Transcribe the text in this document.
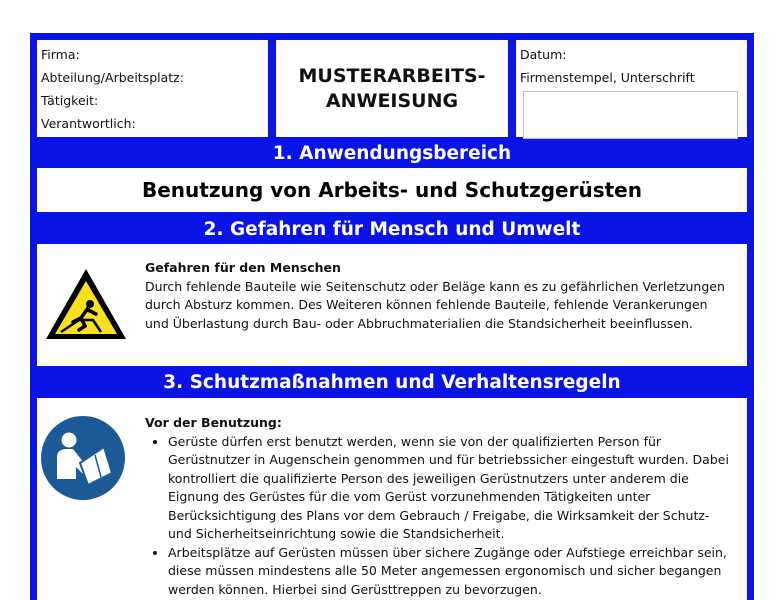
Firma:
Abteilung/Arbeitsplatz:
Tätigkeit:
Verantwortlich:
MUSTERARBEITS-
ANWEISUNG
Datum:
Firmenstempel, Unterschrift
1. Anwendungsbereich
Benutzung von Arbeits- und Schutzgerüsten
2. Gefahren für Mensch und Umwelt
Gefahren für den Menschen
Durch fehlende Bauteile wie Seitenschutz oder Beläge kann es zu gefährlichen Verletzungen durch Absturz kommen. Des Weiteren können fehlende Bauteile, fehlende Verankerungen und Überlastung durch Bau- oder Abbruchmaterialien die Standsicherheit beeinflussen.
3. Schutzmaßnahmen und Verhaltensregeln
Vor der Benutzung:
• Gerüste dürfen erst benutzt werden, wenn sie von der qualifizierten Person für Gerüstnutzer in Augenschein genommen und für betriebssicher eingestuft wurden. Dabei kontrolliert die qualifizierte Person des jeweiligen Gerüstnutzers unter anderem die Eignung des Gerüstes für die vom Gerüst vorzunehmenden Tätigkeiten unter Berücksichtigung des Plans vor dem Gebrauch / Freigabe, die Wirksamkeit der Schutz- und Sicherheitseinrichtung sowie die Standsicherheit.
• Arbeitsplätze auf Gerüsten müssen über sichere Zugänge oder Aufstiege erreichbar sein, diese müssen mindestens alle 50 Meter angemessen ergonomisch und sicher begangen werden können. Hierbei sind Gerüsttreppen zu bevorzugen.
